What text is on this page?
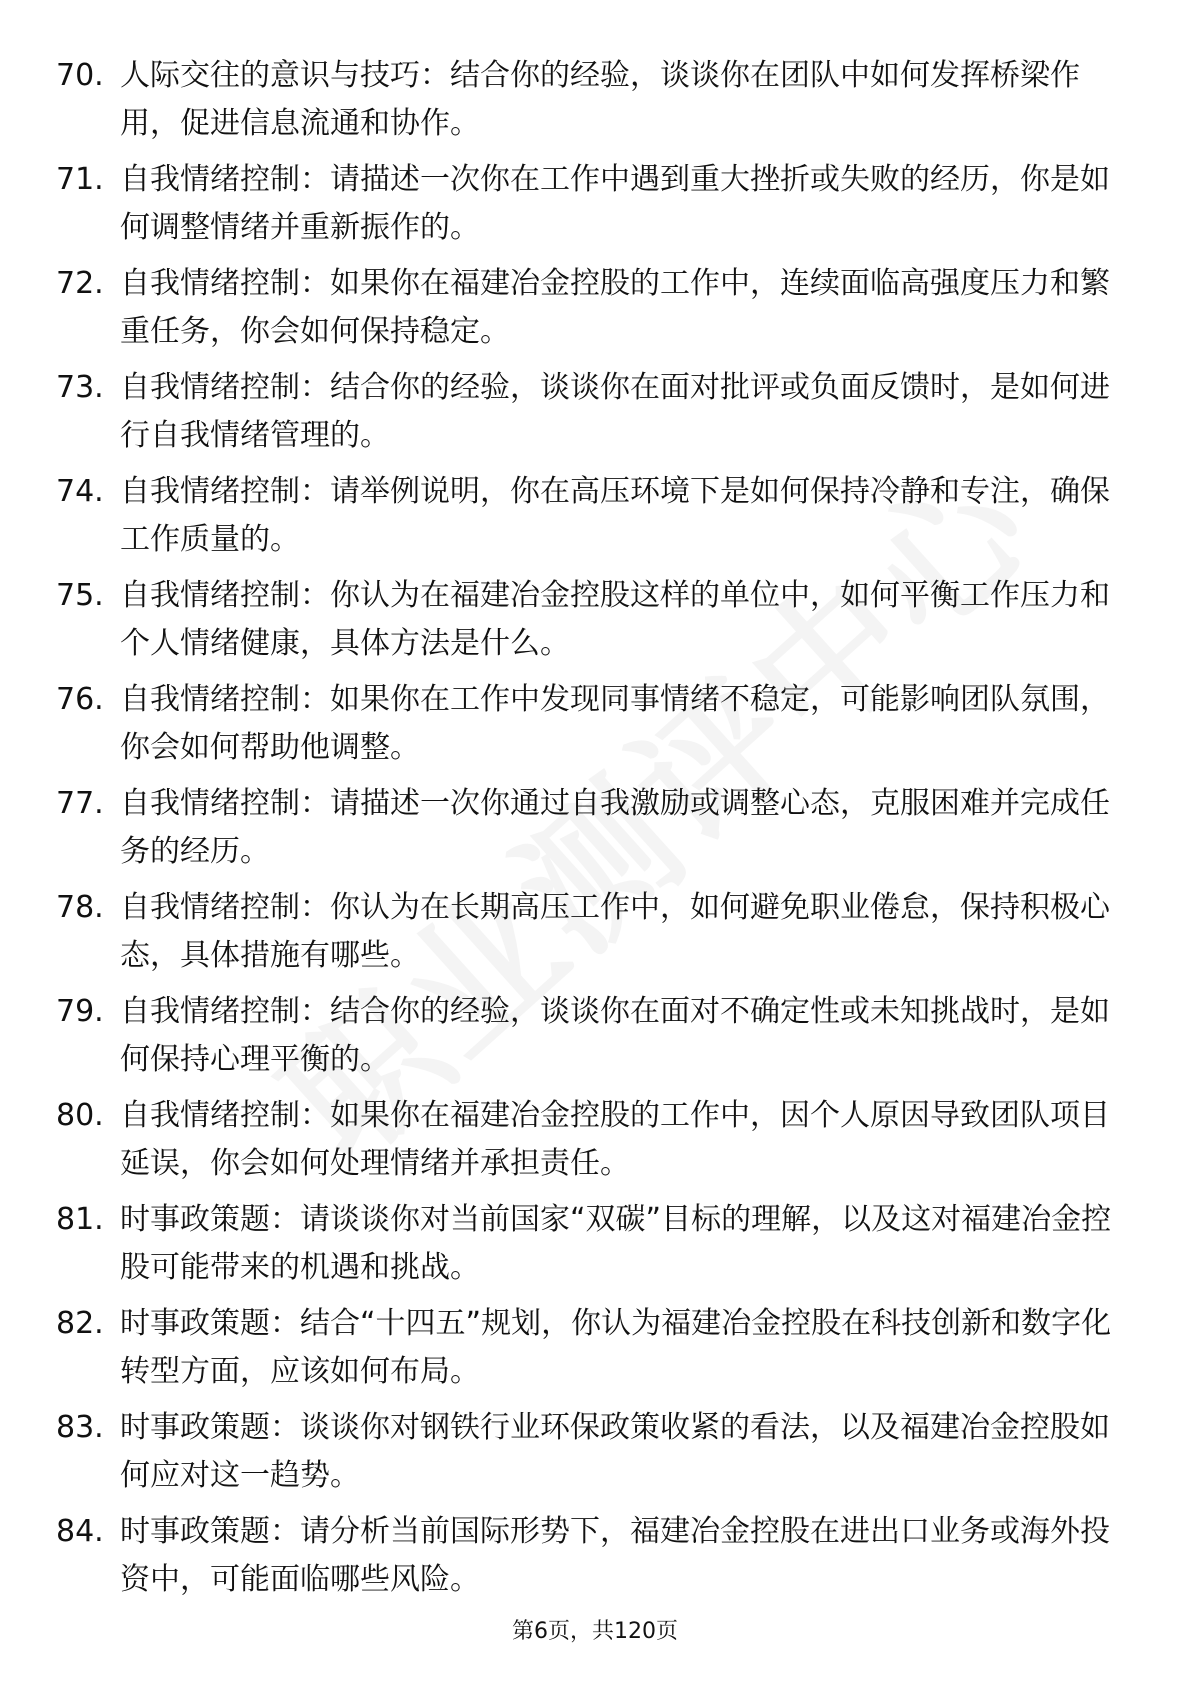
70. 人际交往的意识与技巧：结合你的经验，谈谈你在团队中如何发挥桥梁作用，促进信息流通和协作。
71. 自我情绪控制：请描述一次你在工作中遇到重大挫折或失败的经历，你是如何调整情绪并重新振作的。
72. 自我情绪控制：如果你在福建冶金控股的工作中，连续面临高强度压力和繁重任务，你会如何保持稳定。
73. 自我情绪控制：结合你的经验，谈谈你在面对批评或负面反馈时，是如何进行自我情绪管理的。
74. 自我情绪控制：请举例说明，你在高压环境下是如何保持冷静和专注，确保工作质量的。
75. 自我情绪控制：你认为在福建冶金控股这样的单位中，如何平衡工作压力和个人情绪健康，具体方法是什么。
76. 自我情绪控制：如果你在工作中发现同事情绪不稳定，可能影响团队氛围，你会如何帮助他调整。
77. 自我情绪控制：请描述一次你通过自我激励或调整心态，克服困难并完成任务的经历。
78. 自我情绪控制：你认为在长期高压工作中，如何避免职业倦怠，保持积极心态，具体措施有哪些。
79. 自我情绪控制：结合你的经验，谈谈你在面对不确定性或未知挑战时，是如何保持心理平衡的。
80. 自我情绪控制：如果你在福建冶金控股的工作中，因个人原因导致团队项目延误，你会如何处理情绪并承担责任。
81. 时事政策题：请谈谈你对当前国家“双碳”目标的理解，以及这对福建冶金控股可能带来的机遇和挑战。
82. 时事政策题：结合“十四五”规划，你认为福建冶金控股在科技创新和数字化转型方面，应该如何布局。
83. 时事政策题：谈谈你对钢铁行业环保政策收紧的看法，以及福建冶金控股如何应对这一趋势。
84. 时事政策题：请分析当前国际形势下，福建冶金控股在进出口业务或海外投资中，可能面临哪些风险。
第6页，共120页
